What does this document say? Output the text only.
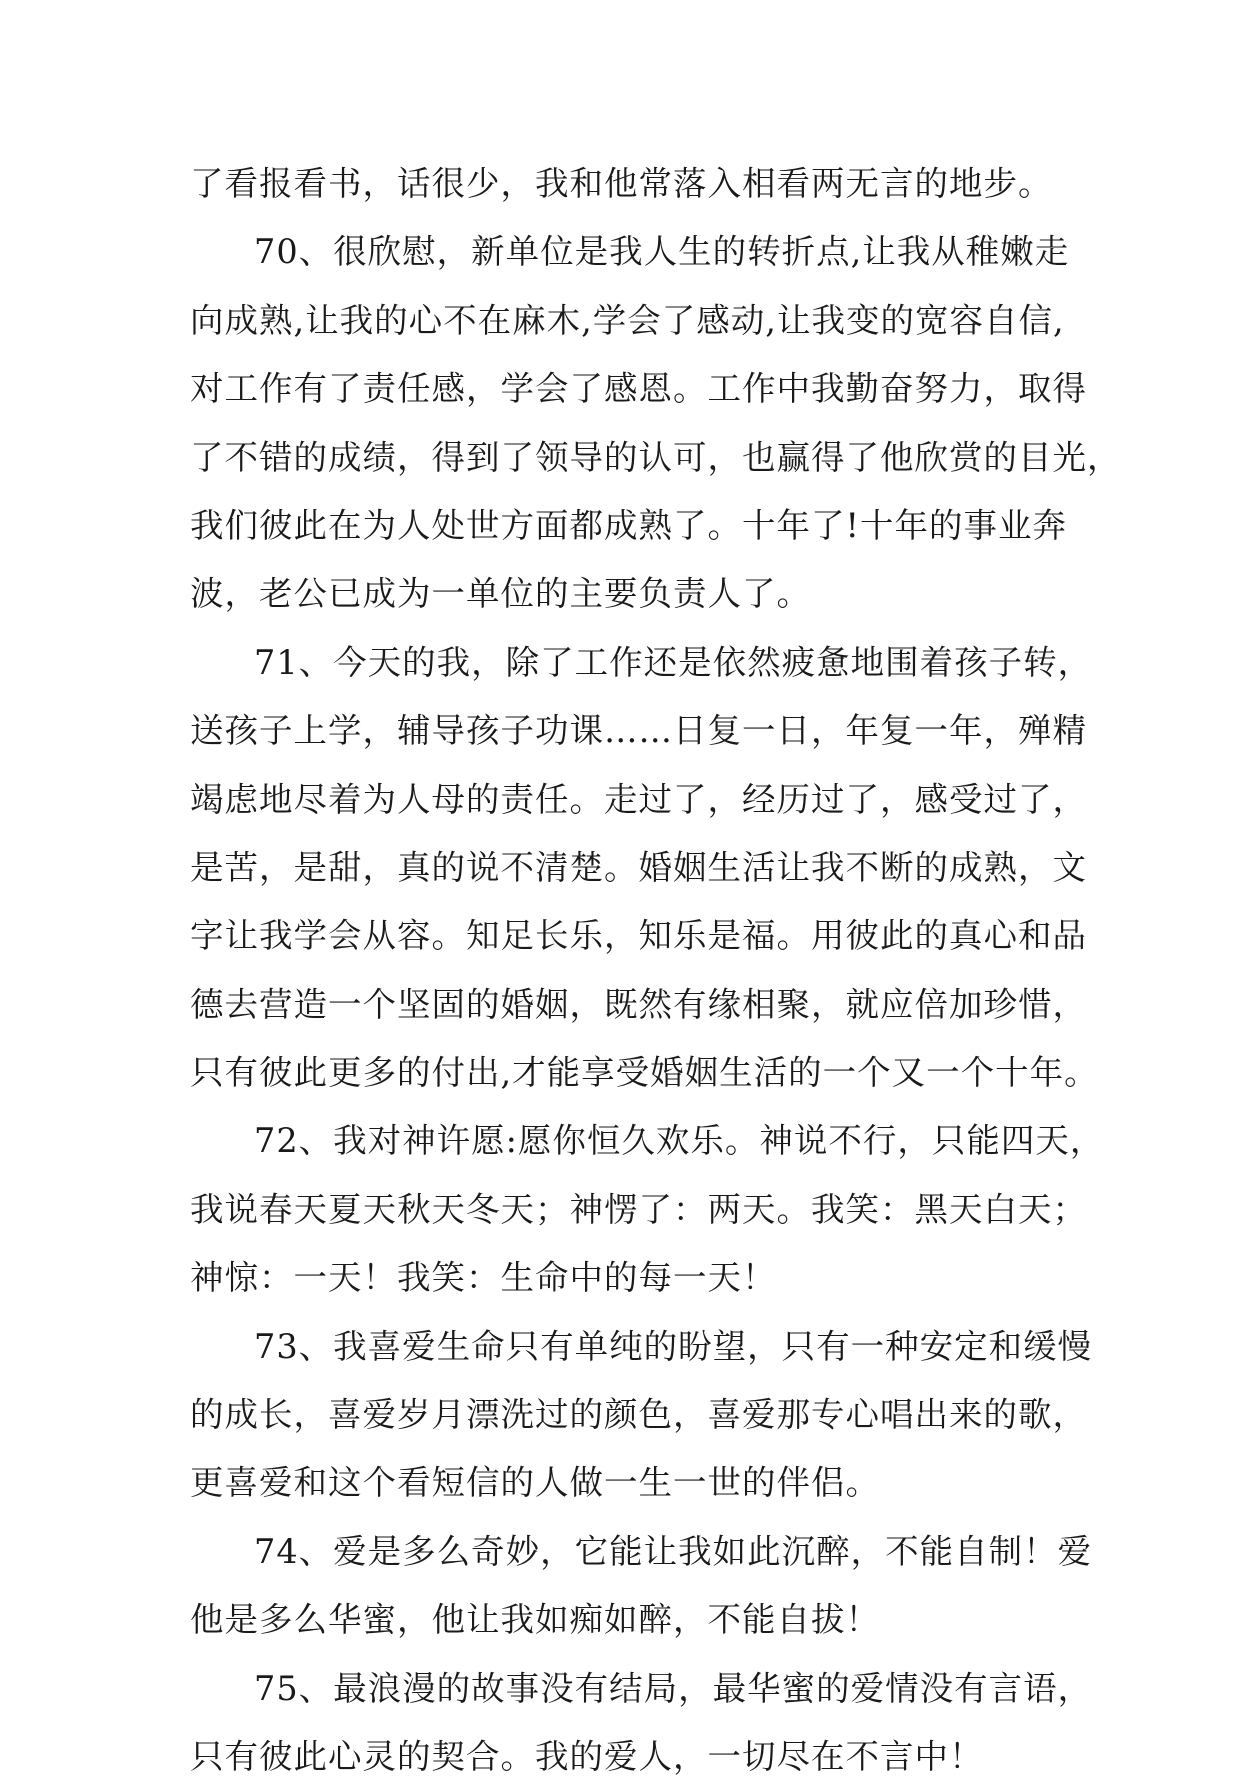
了看报看书，话很少，我和他常落入相看两无言的地步。
70、很欣慰，新单位是我人生的转折点,让我从稚嫩走
向成熟,让我的心不在麻木,学会了感动,让我变的宽容自信,
对工作有了责任感，学会了感恩。工作中我勤奋努力，取得
了不错的成绩，得到了领导的认可，也赢得了他欣赏的目光，
我们彼此在为人处世方面都成熟了。十年了!十年的事业奔
波，老公已成为一单位的主要负责人了。
71、今天的我，除了工作还是依然疲惫地围着孩子转，
送孩子上学，辅导孩子功课……日复一日，年复一年，殚精
竭虑地尽着为人母的责任。走过了，经历过了，感受过了，
是苦，是甜，真的说不清楚。婚姻生活让我不断的成熟，文
字让我学会从容。知足长乐，知乐是福。用彼此的真心和品
德去营造一个坚固的婚姻，既然有缘相聚，就应倍加珍惜，
只有彼此更多的付出,才能享受婚姻生活的一个又一个十年。
72、我对神许愿:愿你恒久欢乐。神说不行，只能四天，
我说春天夏天秋天冬天；神愣了：两天。我笑：黑天白天；
神惊：一天！我笑：生命中的每一天！
73、我喜爱生命只有单纯的盼望，只有一种安定和缓慢
的成长，喜爱岁月漂洗过的颜色，喜爱那专心唱出来的歌，
更喜爱和这个看短信的人做一生一世的伴侣。
74、爱是多么奇妙，它能让我如此沉醉，不能自制！爱
他是多么华蜜，他让我如痴如醉，不能自拔！
75、最浪漫的故事没有结局，最华蜜的爱情没有言语，
只有彼此心灵的契合。我的爱人，一切尽在不言中！
